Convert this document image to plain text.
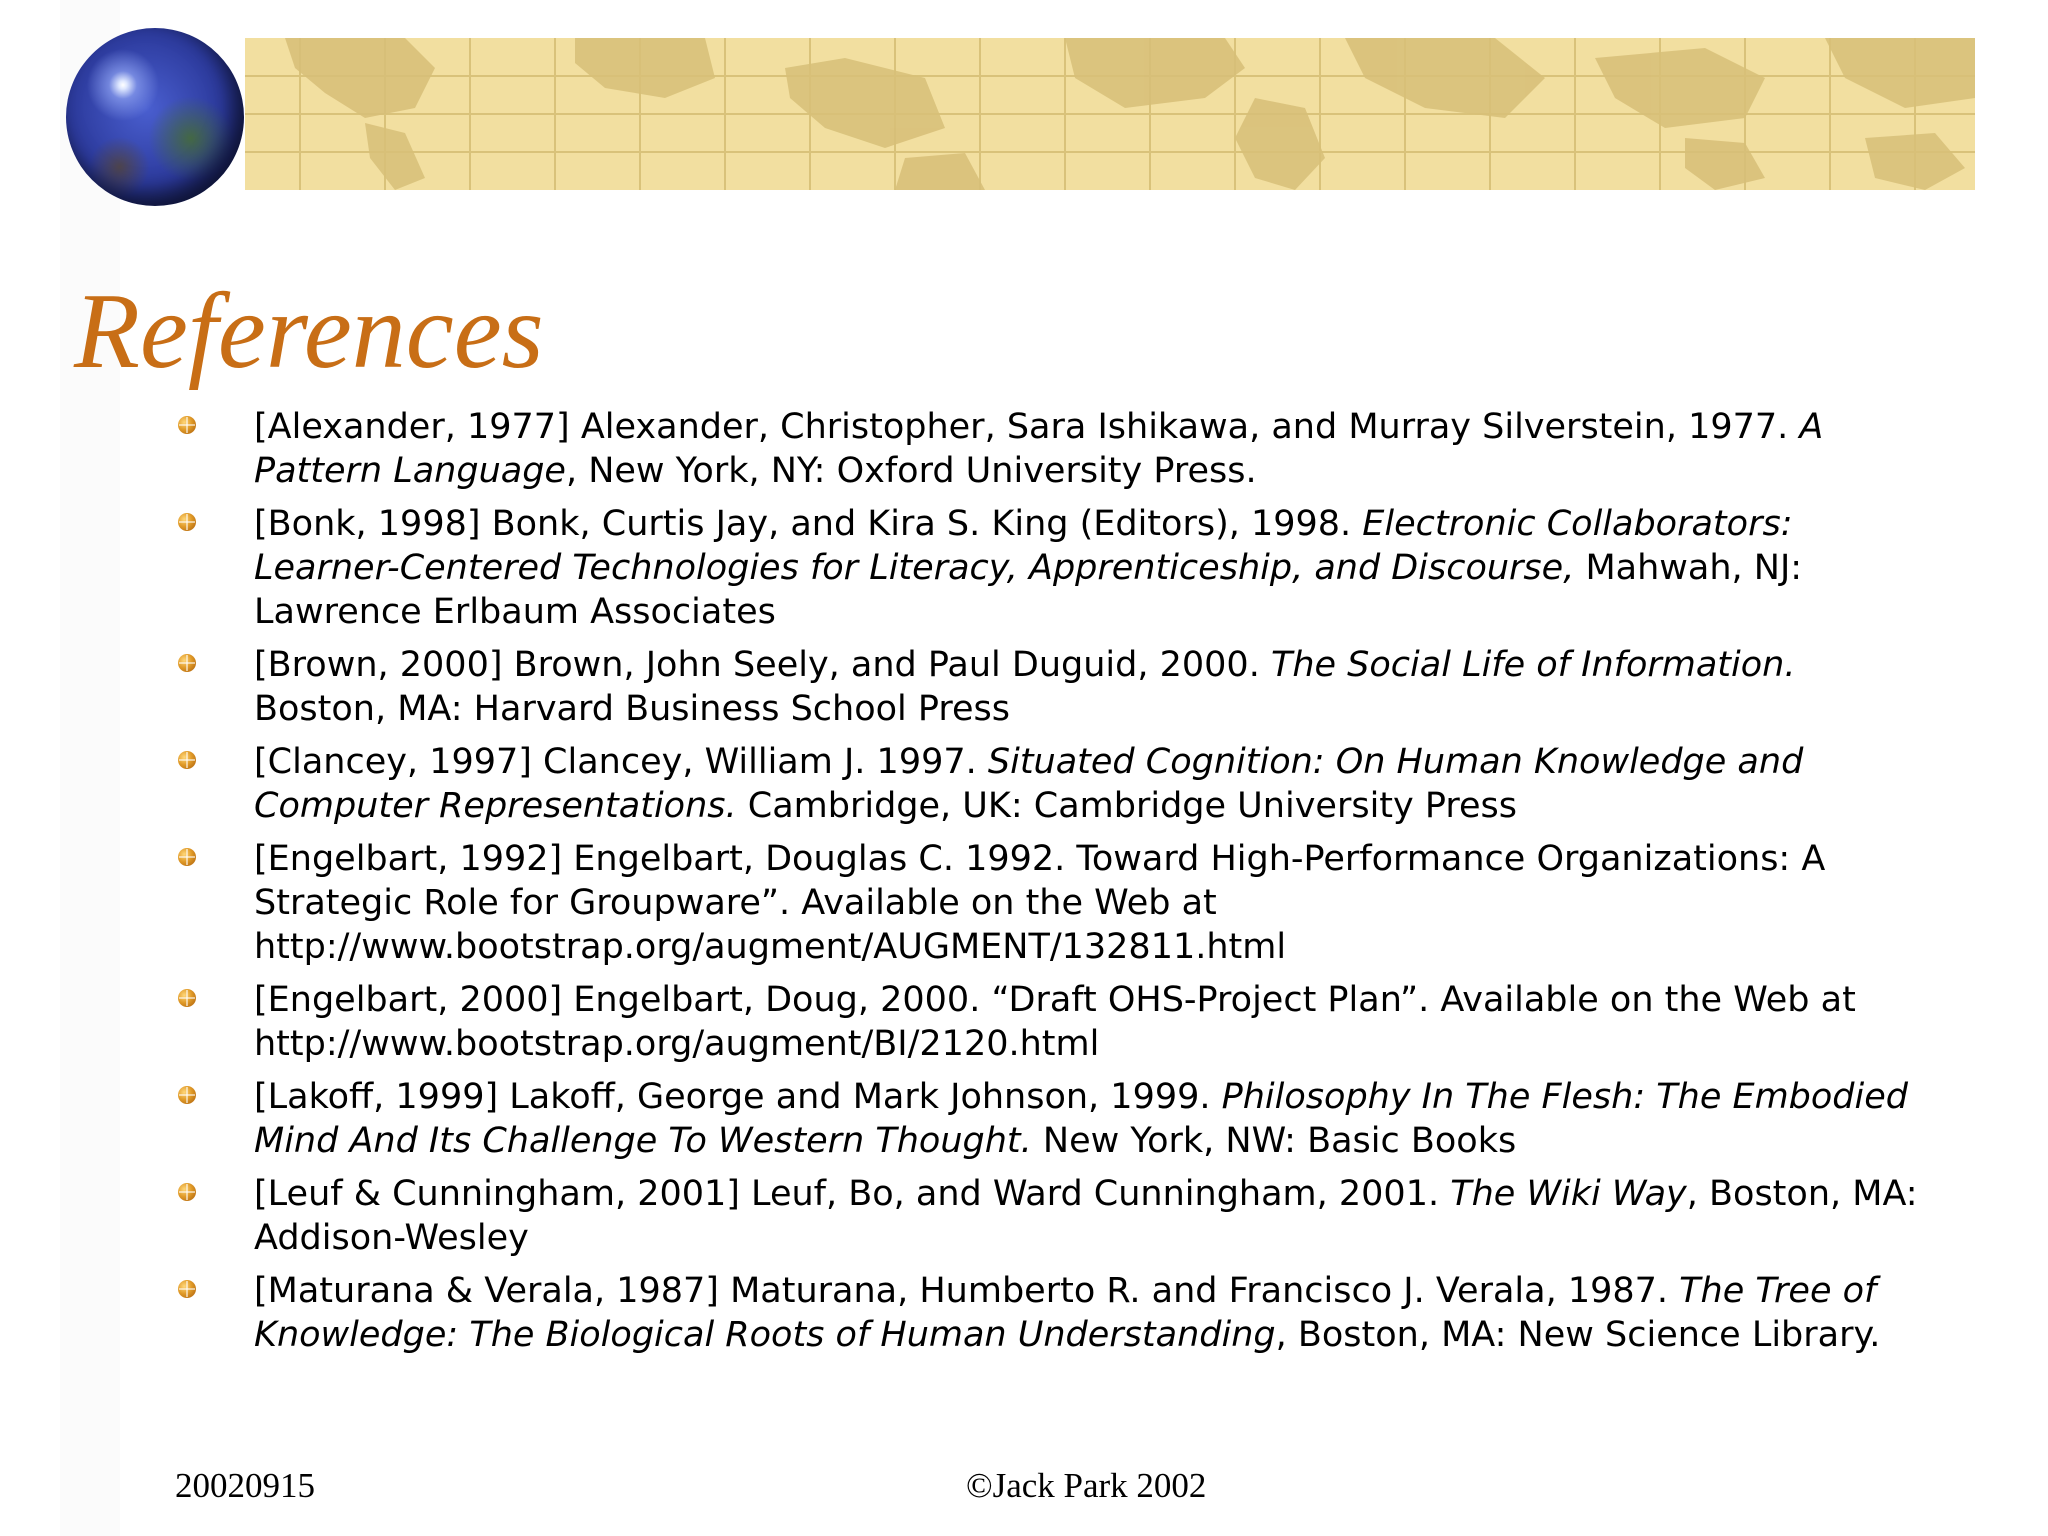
References
[Alexander, 1977] Alexander, Christopher, Sara Ishikawa, and Murray Silverstein, 1977. A Pattern Language, New York, NY: Oxford University Press.
[Bonk, 1998] Bonk, Curtis Jay, and Kira S. King (Editors), 1998. Electronic Collaborators: Learner-Centered Technologies for Literacy, Apprenticeship, and Discourse, Mahwah, NJ: Lawrence Erlbaum Associates
[Brown, 2000] Brown, John Seely, and Paul Duguid, 2000. The Social Life of Information. Boston, MA: Harvard Business School Press
[Clancey, 1997] Clancey, William J. 1997. Situated Cognition: On Human Knowledge and Computer Representations. Cambridge, UK: Cambridge University Press
[Engelbart, 1992] Engelbart, Douglas C. 1992. Toward High-Performance Organizations: A Strategic Role for Groupware”. Available on the Web at http://www.bootstrap.org/augment/AUGMENT/132811.html
[Engelbart, 2000] Engelbart, Doug, 2000. “Draft OHS-Project Plan”. Available on the Web at http://www.bootstrap.org/augment/BI/2120.html
[Lakoff, 1999] Lakoff, George and Mark Johnson, 1999. Philosophy In The Flesh: The Embodied Mind And Its Challenge To Western Thought. New York, NW: Basic Books
[Leuf & Cunningham, 2001] Leuf, Bo, and Ward Cunningham, 2001. The Wiki Way, Boston, MA: Addison-Wesley
[Maturana & Verala, 1987] Maturana, Humberto R. and Francisco J. Verala, 1987. The Tree of Knowledge: The Biological Roots of Human Understanding, Boston, MA: New Science Library.

20020915	©Jack Park 2002
